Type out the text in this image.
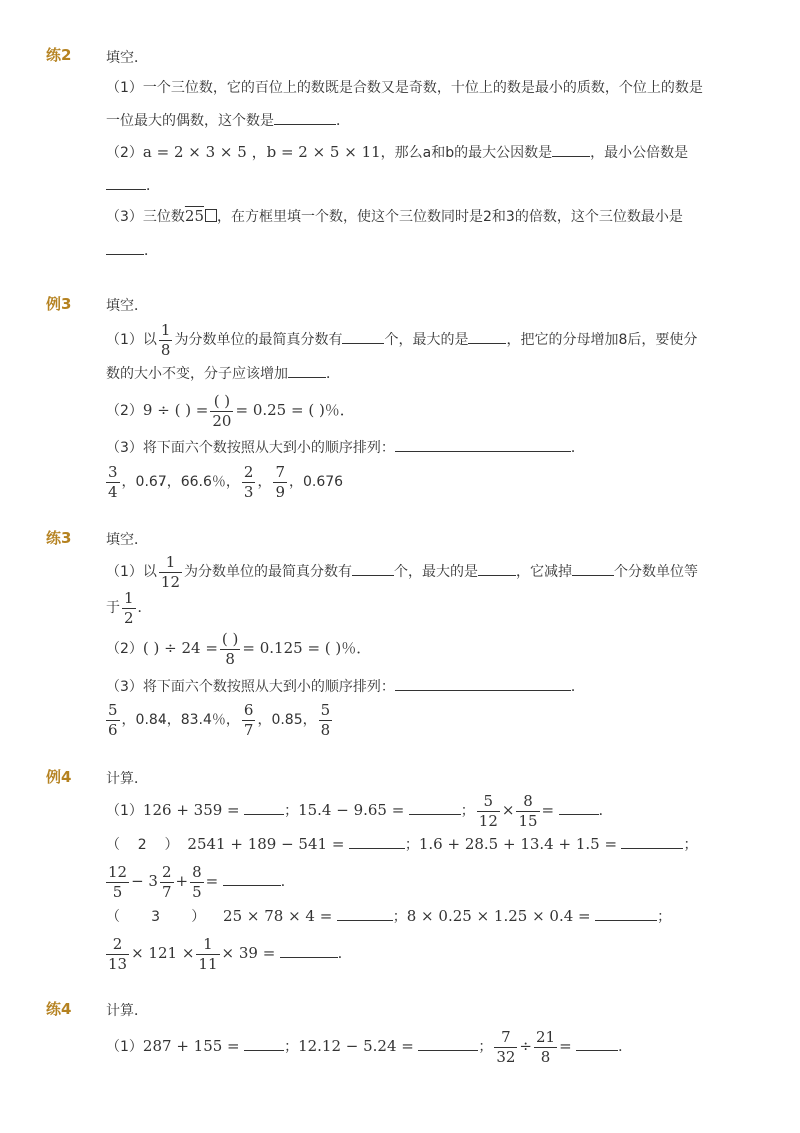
练2 填空．
（1）一个三位数，它的百位上的数既是合数又是奇数，十位上的数是最小的质数，个位上的数是
一位最大的偶数，这个数是	．
（2）a = 2 × 3 × 5 ，b = 2 × 5 × 11，那么a和b的最大公因数是	，最小公倍数是
．
（3）三位数25 ，在方框里填一个数，使这个三位数同时是2和3的倍数，这个三位数最小是
．
例3 填空．
（1）以 $\frac{1}{8}$ 为分数单位的最简真分数有	个，最大的是	，把它的分母增加8后，要使分
数的大小不变，分子应该增加	．
（2）9 ÷ ( ) = $\frac{( )}{20} = 0.25$ = ( )％．
（3）将下面六个数按照从大到小的顺序排列：	．
$\frac{3}{4}$ ，0.6· 7，66.6％， $\frac{2}{3}$ ， $\frac{7}{9}$ ，0.676
练3 填空．
（1）以 $\frac{1}{12}$ 为分数单位的最简真分数有	个，最大的是	，它减掉	个分数单位等
于 $\frac{1}{2}$ ．
（2）( ) ÷ $24 = \frac{( )}{8} = 0.125$ = ( )％．
（3）将下面六个数按照从大到小的顺序排列：	．
$\frac{5}{6}$ ，0.8· 4，83.4％， $\frac{6}{7}$ ，0.85， $\frac{5}{8}$
例4 计算．
（1）126 + 359 =	；15.4 − 9.65 =	； $\frac{5}{12} \times \frac{8}{15}$ =	．
（    2    ） 2541 + 189 − 541 =	；1.6 + 28.5 + 13.4 + 1.5 =	；
$\frac{12}{5} - 3 \frac{2}{7} + \frac{8}{5}$ =	．
（       3       ） 25 × 78 × 4 =	；8 × 0.25 × 1.25 × 0.4 =	；
$\frac{2}{13} \times 121 \times \frac{1}{11} \times 39$ =	．
练4 计算．
（1）287 + 155 =	；12.12 − 5.24 =	； $\frac{7}{32} \div \frac{21}{8}$ =	．
